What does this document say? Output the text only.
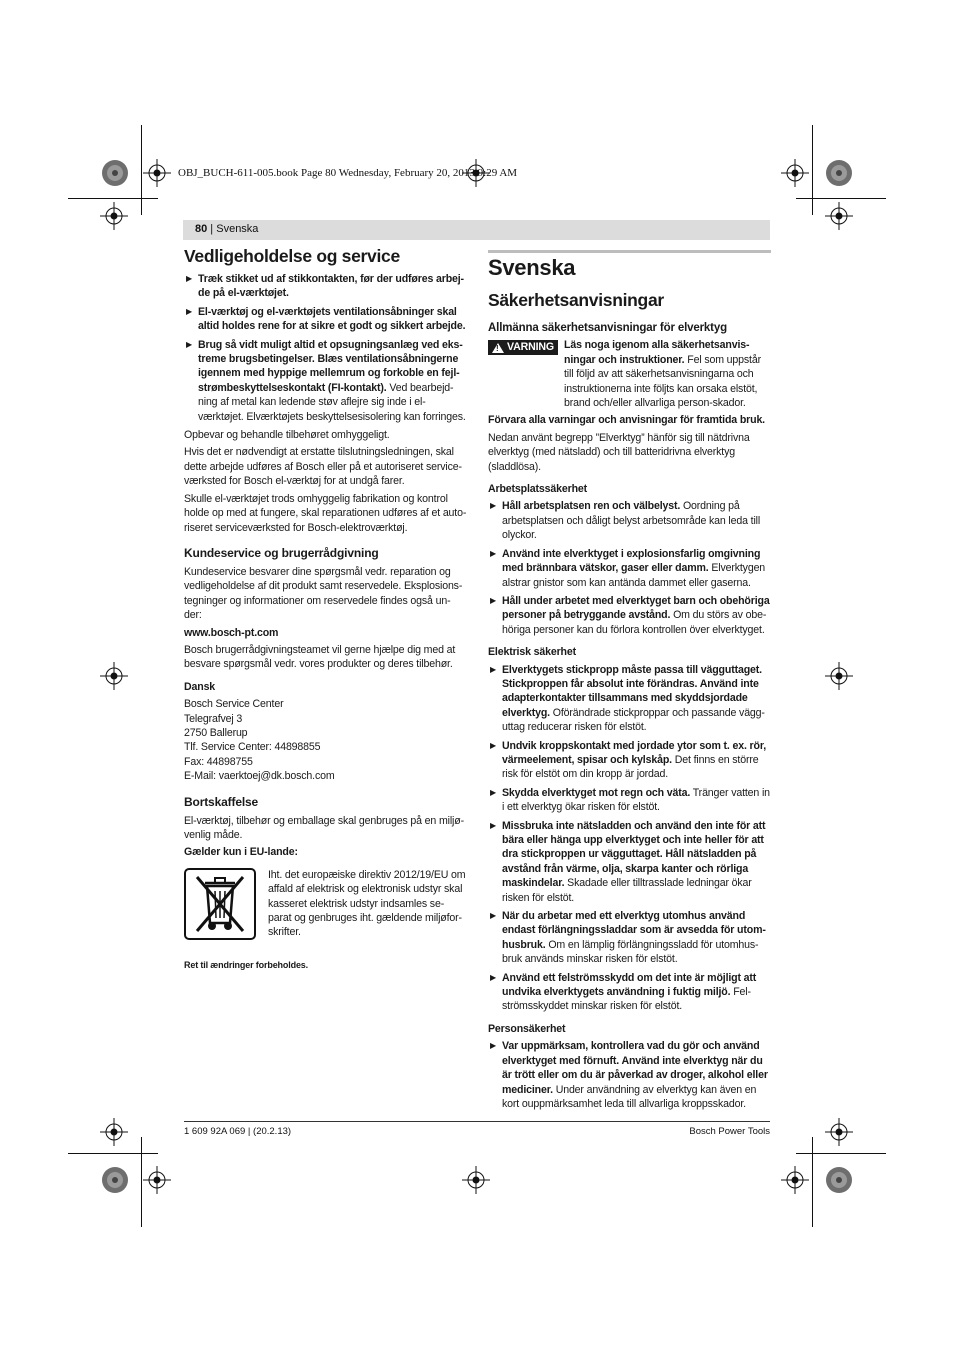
OBJ_BUCH-611-005.book Page 80 Wednesday, February 20, 2013 9:29 AM
80 | Svenska
Vedligeholdelse og service
▶ Træk stikket ud af stikkontakten, før der udføres arbej-de på el-værktøjet.
▶ El-værktøj og el-værktøjets ventilationsåbninger skal altid holdes rene for at sikre et godt og sikkert arbejde.
▶ Brug så vidt muligt altid et opsugningsanlæg ved eks-treme brugsbetingelser. Blæs ventilationsåbningerne igennem med hyppige mellemrum og forkoble en fejl-strømbeskyttelseskontakt (FI-kontakt). Ved bearbejd-ning af metal kan ledende støv aflejre sig inde i el-værktøjet. Elværktøjets beskyttelsesisolering kan forringes.
Opbevar og behandle tilbehøret omhyggeligt.
Hvis det er nødvendigt at erstatte tilslutningsledningen, skal dette arbejde udføres af Bosch eller på et autoriseret service-værksted for Bosch el-værktøj for at undgå farer.
Skulle el-værktøjet trods omhyggelig fabrikation og kontrol holde op med at fungere, skal reparationen udføres af et auto-riseret serviceværksted for Bosch-elektroværktøj.
Kundeservice og brugerrådgivning
Kundeservice besvarer dine spørgsmål vedr. reparation og vedligeholdelse af dit produkt samt reservedele. Eksplosions-tegninger og informationer om reservedele findes også un-der:
www.bosch-pt.com
Bosch brugerrådgivningsteamet vil gerne hjælpe dig med at besvare spørgsmål vedr. vores produkter og deres tilbehør.
Dansk
Bosch Service Center
Telegrafvej 3
2750 Ballerup
Tlf. Service Center: 44898855
Fax: 44898755
E-Mail: vaerktoej@dk.bosch.com
Bortskaffelse
El-værktøj, tilbehør og emballage skal genbruges på en miljø-venlig måde.
Gælder kun i EU-lande:
Iht. det europæiske direktiv 2012/19/EU om affald af elektrisk og elektronisk udstyr skal kasseret elektrisk udstyr indsamles se-parat og genbruges iht. gældende miljøfor-skrifter.
Ret til ændringer forbeholdes.
Svenska
Säkerhetsanvisningar
Allmänna säkerhetsanvisningar för elverktyg
! VARNING Läs noga igenom alla säkerhetsanvis-ningar och instruktioner. Fel som uppstår till följd av att säkerhetsanvisningarna och instruktionerna inte följts kan orsaka elstöt, brand och/eller allvarliga person-skador.
Förvara alla varningar och anvisningar för framtida bruk.
Nedan använt begrepp ”Elverktyg” hänför sig till nätdrivna elverktyg (med nätsladd) och till batteridrivna elverktyg (sladdlösa).
Arbetsplatssäkerhet
▶ Håll arbetsplatsen ren och välbelyst. Oordning på arbetsplatsen och dåligt belyst arbetsområde kan leda till olyckor.
▶ Använd inte elverktyget i explosionsfarlig omgivning med brännbara vätskor, gaser eller damm. Elverktygen alstrar gnistor som kan antända dammet eller gaserna.
▶ Håll under arbetet med elverktyget barn och obehöriga personer på betryggande avstånd. Om du störs av obe-höriga personer kan du förlora kontrollen över elverktyget.
Elektrisk säkerhet
▶ Elverktygets stickpropp måste passa till vägguttaget. Stickproppen får absolut inte förändras. Använd inte adapterkontakter tillsammans med skyddsjordade elverktyg. Oförändrade stickproppar och passande vägg-uttag reducerar risken för elstöt.
▶ Undvik kroppskontakt med jordade ytor som t. ex. rör, värmeelement, spisar och kylskåp. Det finns en större risk för elstöt om din kropp är jordad.
▶ Skydda elverktyget mot regn och väta. Tränger vatten in i ett elverktyg ökar risken för elstöt.
▶ Missbruka inte nätsladden och använd den inte för att bära eller hänga upp elverktyget och inte heller för att dra stickproppen ur vägguttaget. Håll nätsladden på avstånd från värme, olja, skarpa kanter och rörliga maskindelar. Skadade eller tilltrasslade ledningar ökar risken för elstöt.
▶ När du arbetar med ett elverktyg utomhus använd endast förlängningssladdar som är avsedda för utom-husbruk. Om en lämplig förlängningssladd för utomhus-bruk används minskar risken för elstöt.
▶ Använd ett felströmsskydd om det inte är möjligt att undvika elverktygets användning i fuktig miljö. Fel-strömsskyddet minskar risken för elstöt.
Personsäkerhet
▶ Var uppmärksam, kontrollera vad du gör och använd elverktyget med förnuft. Använd inte elverktyg när du är trött eller om du är påverkad av droger, alkohol eller mediciner. Under användning av elverktyg kan även en kort ouppmärksamhet leda till allvarliga kroppsskador.
1 609 92A 069 | (20.2.13)	Bosch Power Tools
